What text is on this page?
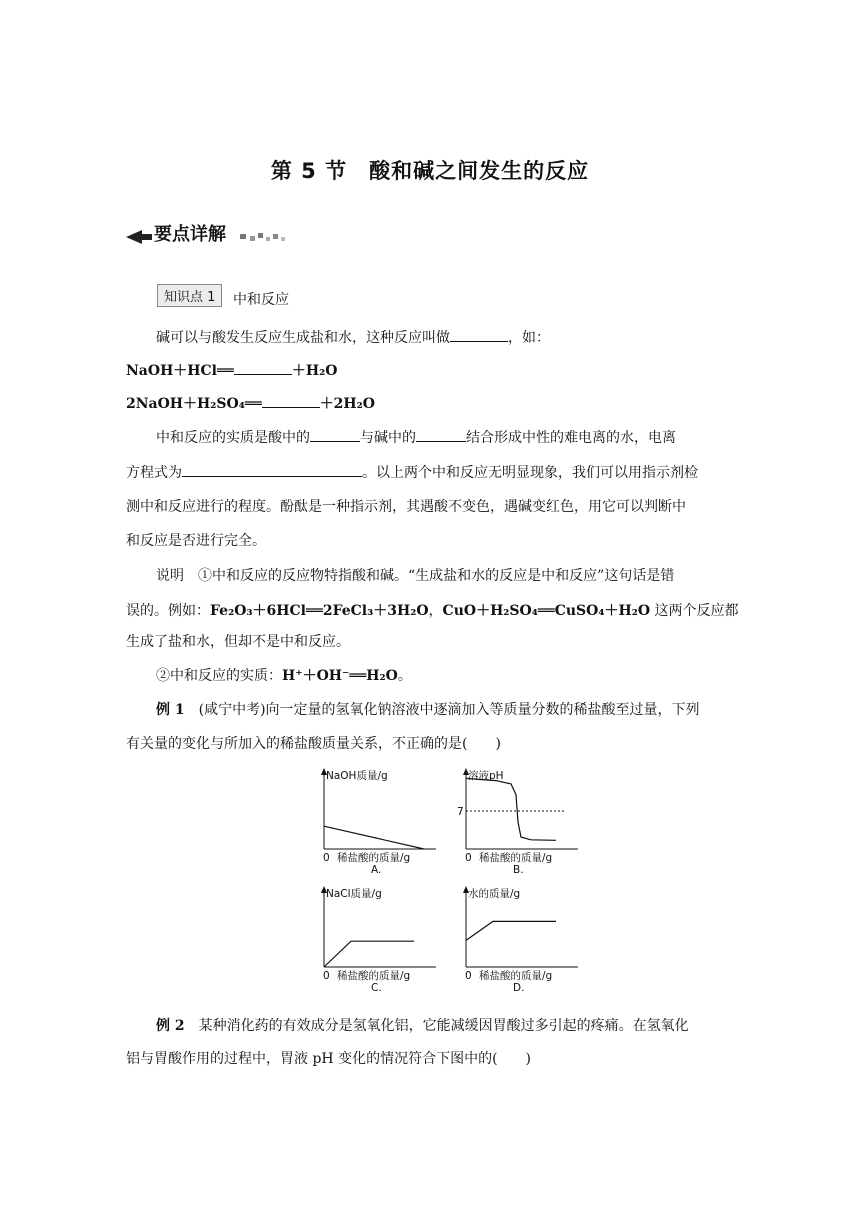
第 5 节　酸和碱之间发生的反应
要点详解
知识点 1	中和反应
碱可以与酸发生反应生成盐和水，这种反应叫做	，如：
NaOH＋HCl══	＋H₂O
2NaOH＋H₂SO₄══	＋2H₂O
中和反应的实质是酸中的	与碱中的	结合形成中性的难电离的水，电离
方程式为	。以上两个中和反应无明显现象，我们可以用指示剂检
测中和反应进行的程度。酚酞是一种指示剂，其遇酸不变色，遇碱变红色，用它可以判断中
和反应是否进行完全。
说明　 ①中和反应的反应物特指酸和碱。“生成盐和水的反应是中和反应”这句话是错
误的。例如：Fe₂O₃＋6HCl══2FeCl₃＋3H₂O，CuO＋H₂SO₄══CuSO₄＋H₂O 这两个反应都
生成了盐和水，但却不是中和反应。
②中和反应的实质：H⁺＋OH⁻══H₂O。
例 1　 (咸宁中考)向一定量的氢氧化钠溶液中逐滴加入等质量分数的稀盐酸至过量，下列
有关量的变化与所加入的稀盐酸质量关系，不正确的是(　　)
NaOH质量/g
0 稀盐酸的质量/g
A.
溶液pH
0 稀盐酸的质量/g
B.
7
NaCl质量/g
0 稀盐酸的质量/g
C.
水的质量/g
0 稀盐酸的质量/g
D.
例 2　 某种消化药的有效成分是氢氧化铝，它能减缓因胃酸过多引起的疼痛。在氢氧化
铝与胃酸作用的过程中，胃液 pH 变化的情况符合下图中的(　　)
